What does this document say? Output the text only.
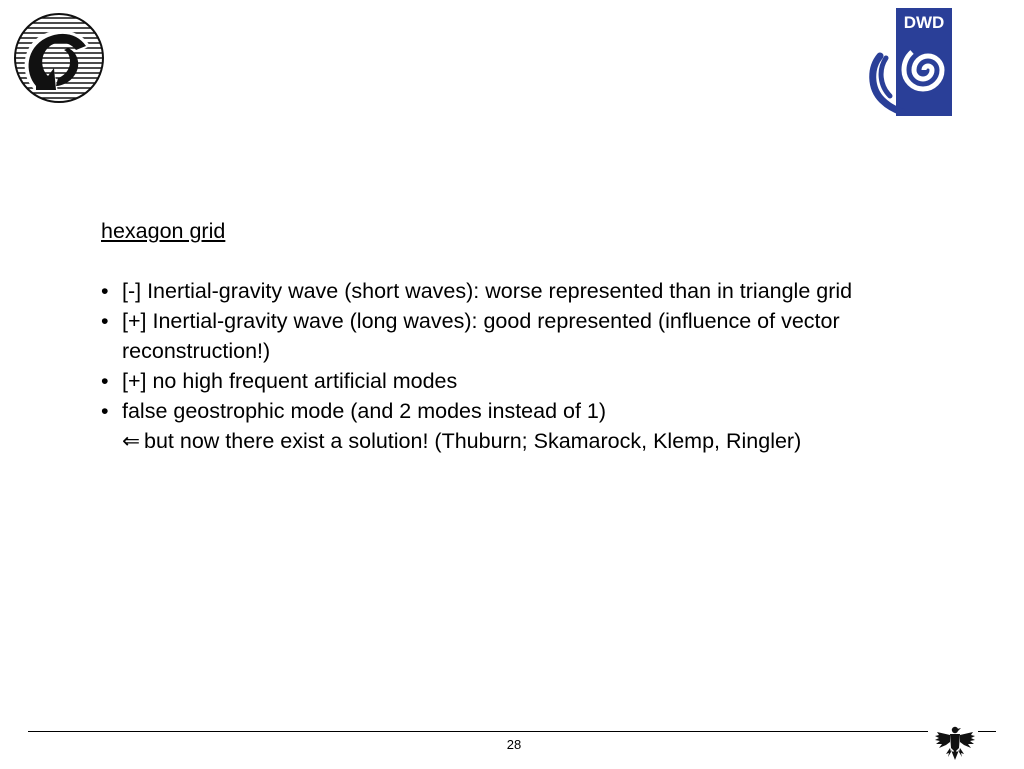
DWD
hexagon grid
• [-] Inertial-gravity wave (short waves): worse represented than in triangle grid
• [+] Inertial-gravity wave (long waves): good represented (influence of vector reconstruction!)
• [+] no high frequent artificial modes
• false geostrophic mode (and 2 modes instead of 1)
⇐ but now there exist a solution! (Thuburn; Skamarock, Klemp, Ringler)
28
